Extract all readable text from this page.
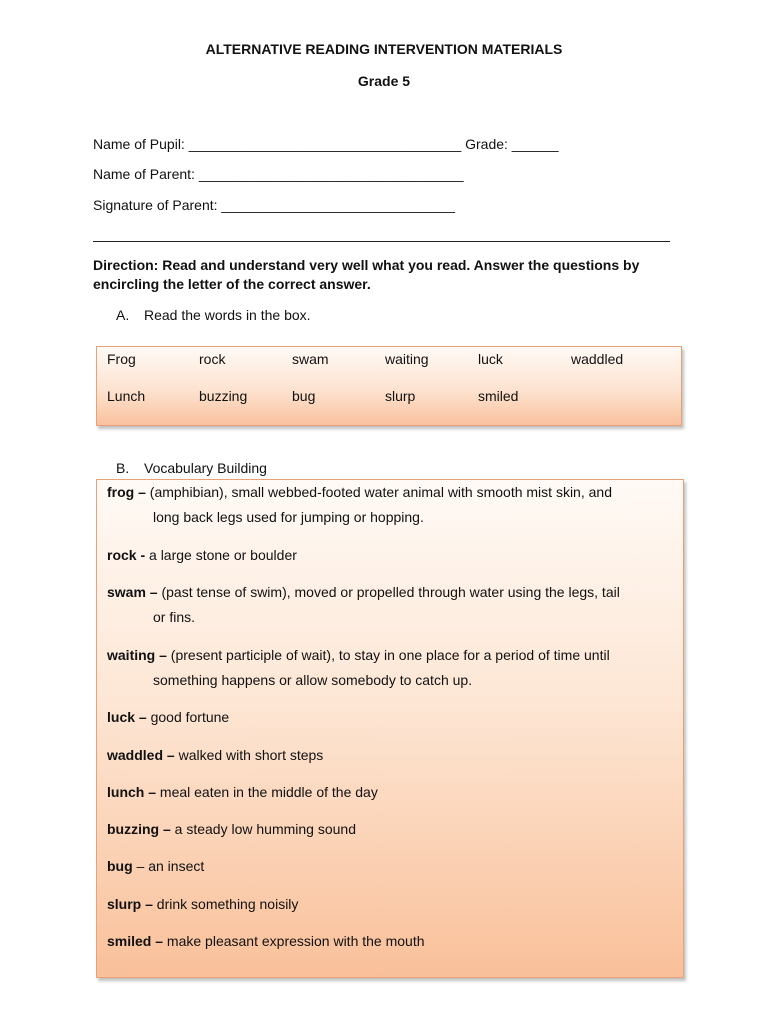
ALTERNATIVE READING INTERVENTION MATERIALS
Grade 5
Name of Pupil: ___________________________________ Grade: ______
Name of Parent: __________________________________
Signature of Parent: ______________________________
Direction: Read and understand very well what you read. Answer the questions by encircling the letter of the correct answer.
A. Read the words in the box.
Frog	rock	swam	waiting	luck	waddled
Lunch	buzzing	bug	slurp	smiled
B. Vocabulary Building
frog – (amphibian), small webbed-footed water animal with smooth mist skin, and
long back legs used for jumping or hopping.
rock - a large stone or boulder
swam – (past tense of swim), moved or propelled through water using the legs, tail
or fins.
waiting – (present participle of wait), to stay in one place for a period of time until
something happens or allow somebody to catch up.
luck – good fortune
waddled – walked with short steps
lunch – meal eaten in the middle of the day
buzzing – a steady low humming sound
bug – an insect
slurp – drink something noisily
smiled – make pleasant expression with the mouth
